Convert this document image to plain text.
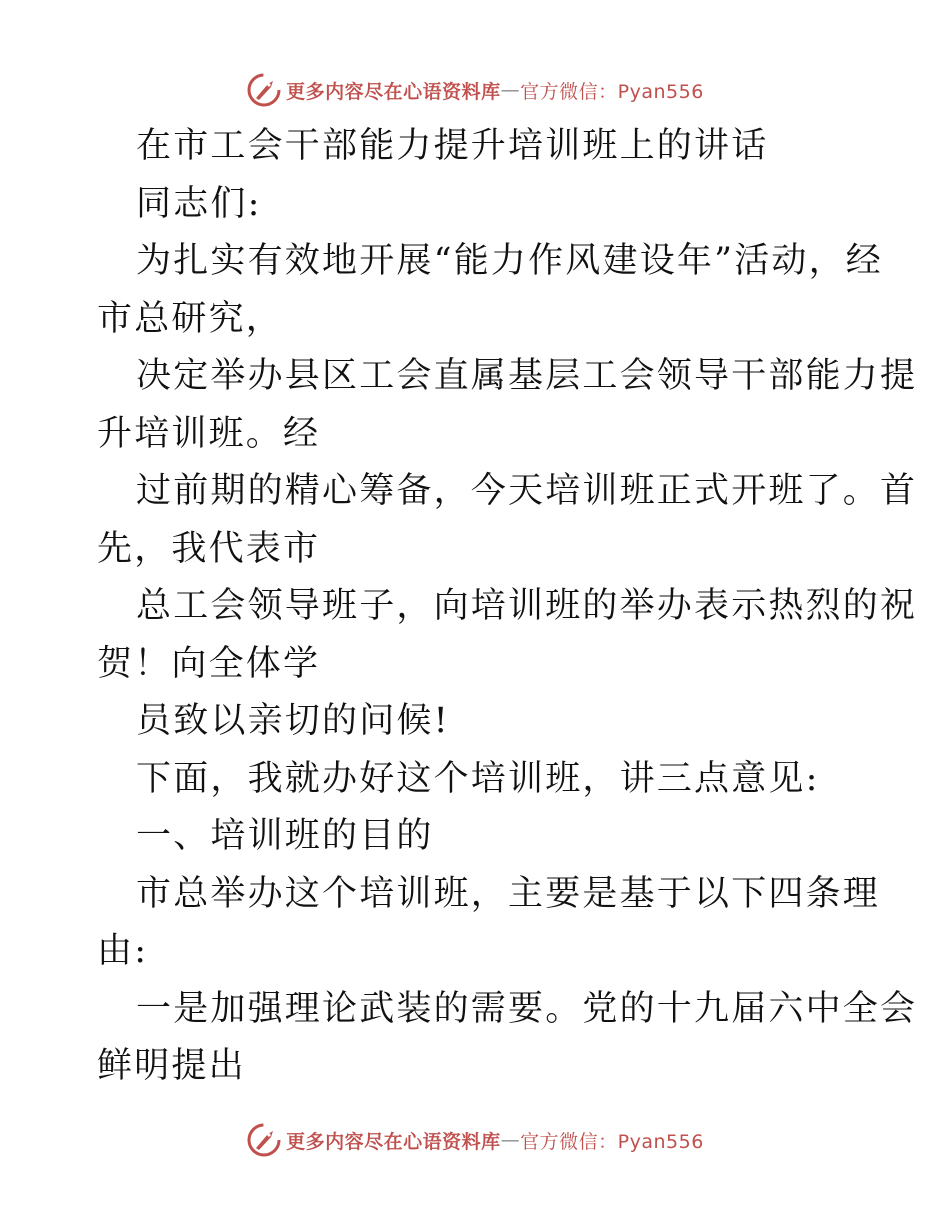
更多内容尽在心语资料库 — 官方微信：Pyan556
在市工会干部能力提升培训班上的讲话
同志们:
为扎实有效地开展“能力作风建设年”活动，经
市总研究，
决定举办县区工会直属基层工会领导干部能力提
升培训班。经
过前期的精心筹备，今天培训班正式开班了。首
先，我代表市
总工会领导班子，向培训班的举办表示热烈的祝
贺！向全体学
员致以亲切的问候!
下面，我就办好这个培训班，讲三点意见:
一、培训班的目的
市总举办这个培训班，主要是基于以下四条理
由:
一是加强理论武装的需要。党的十九届六中全会
鲜明提出
更多内容尽在心语资料库 — 官方微信：Pyan556
